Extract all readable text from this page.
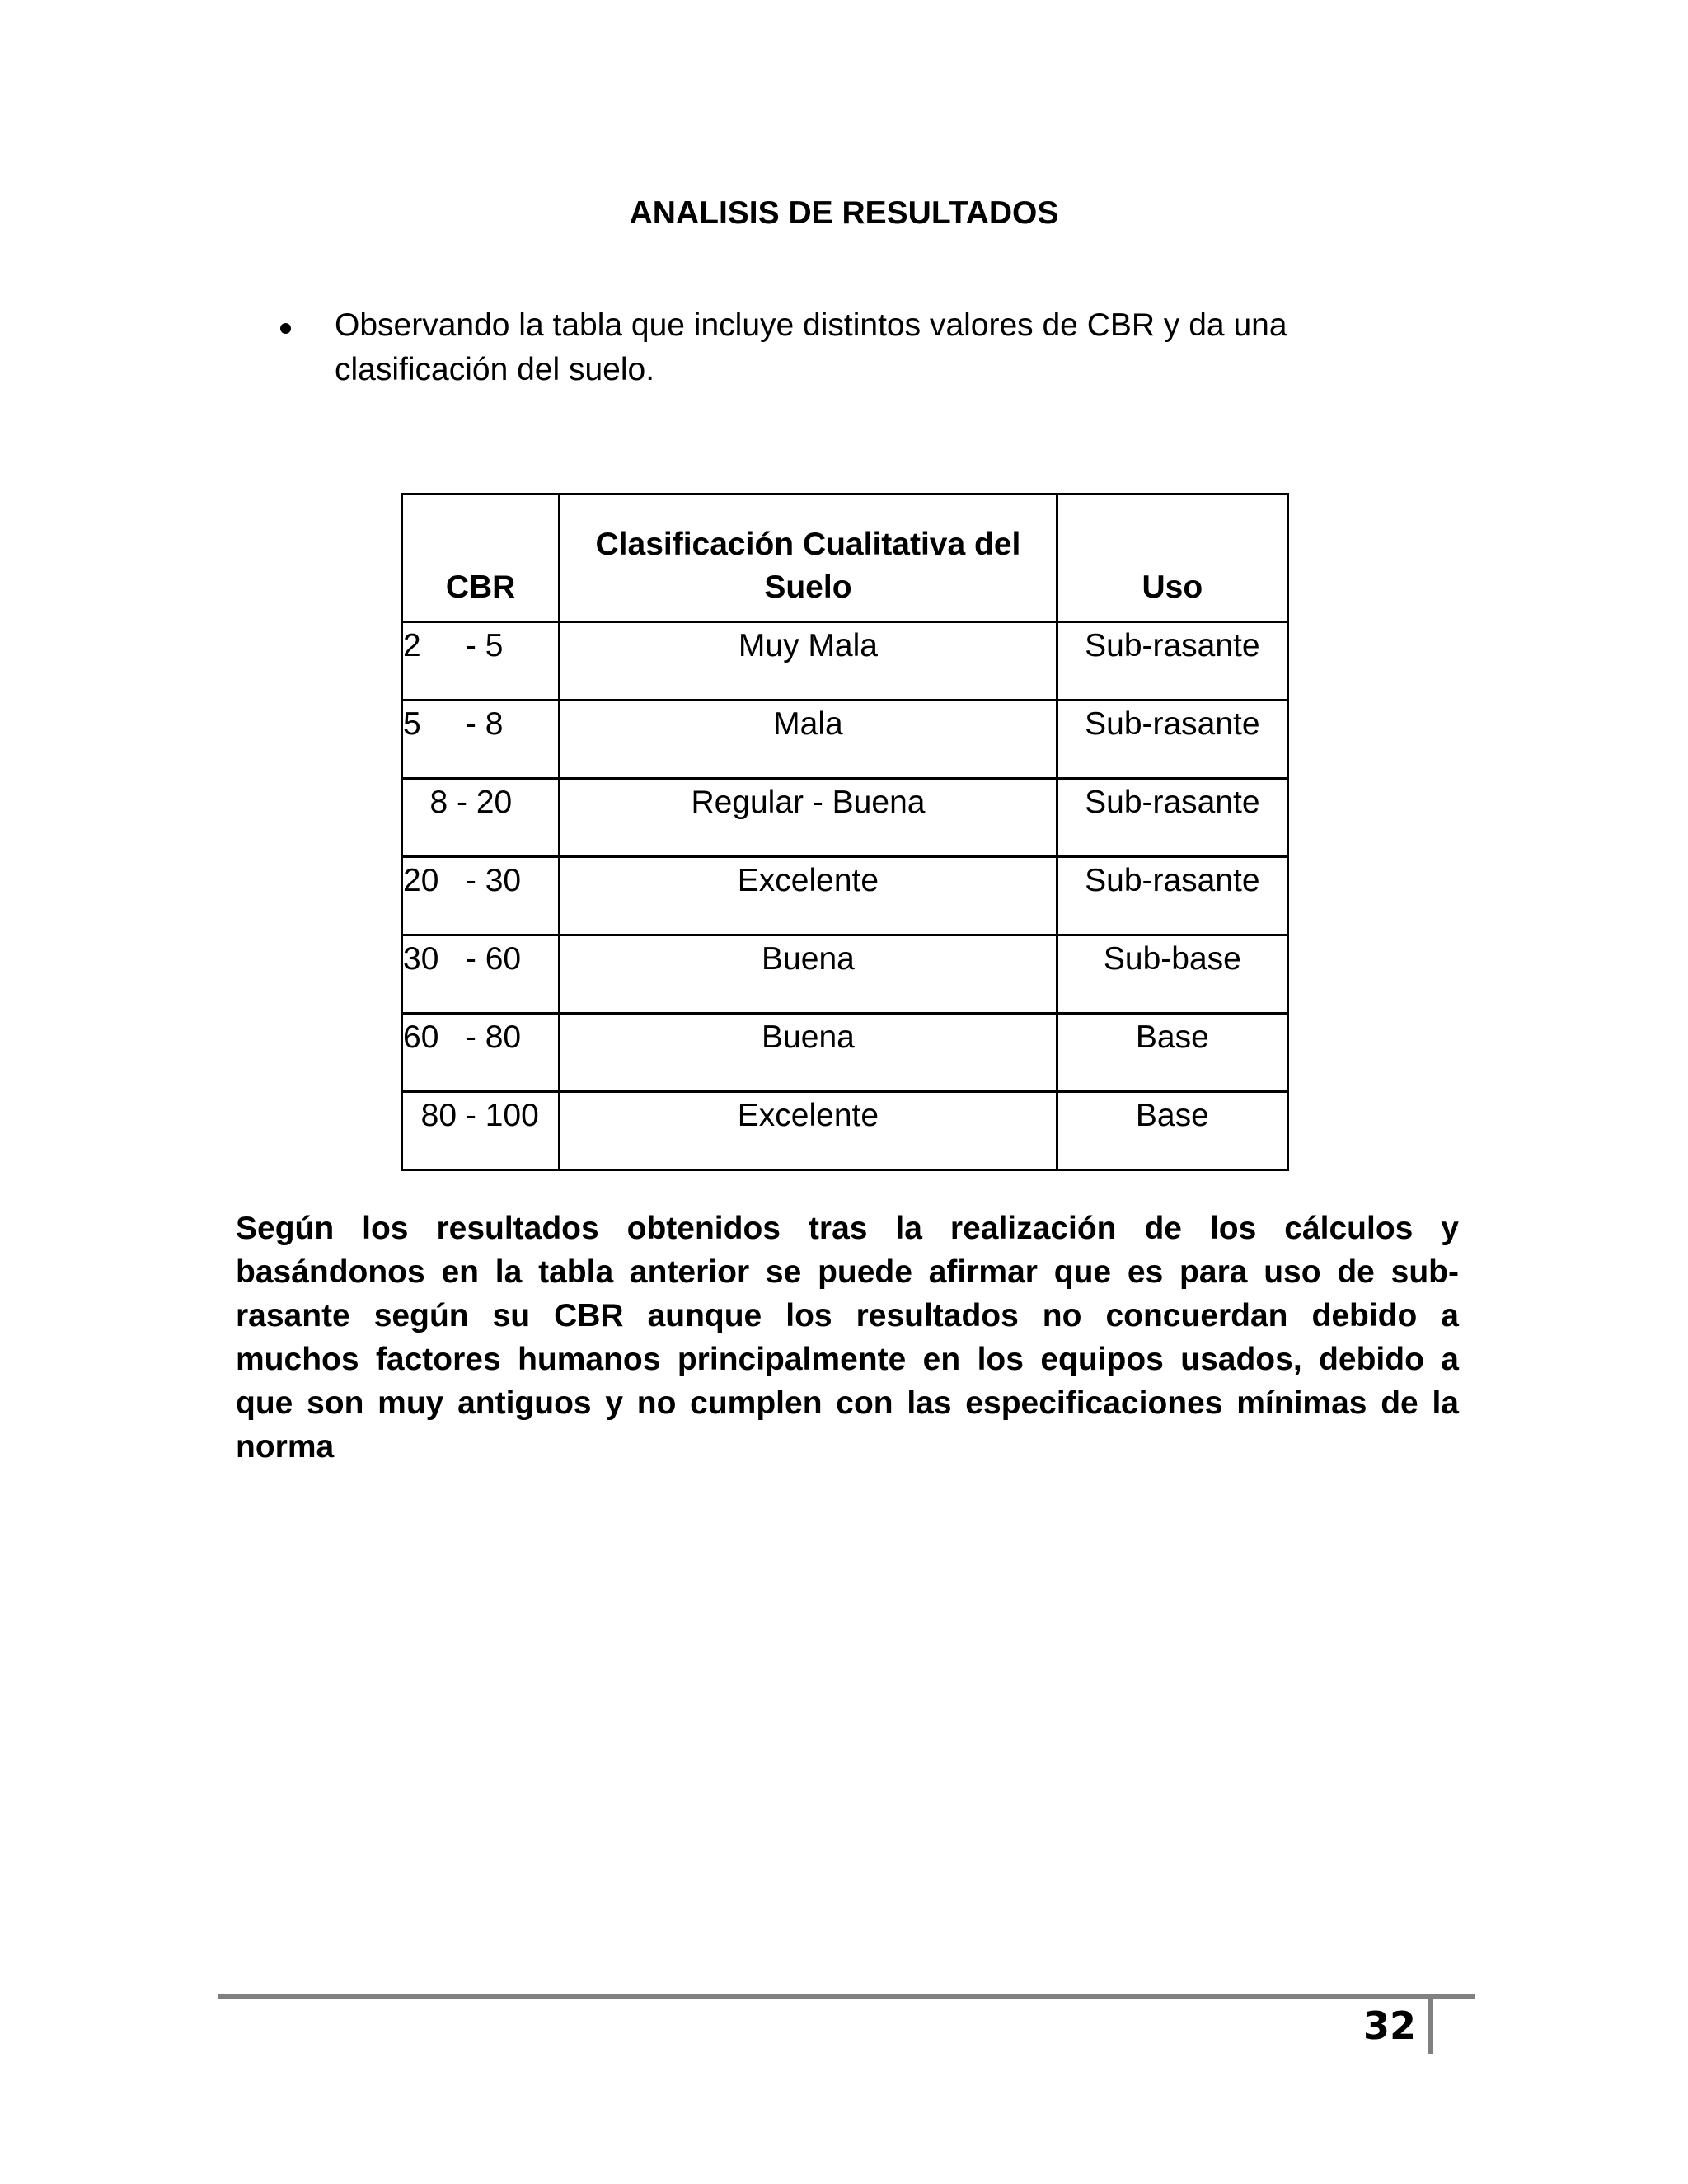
ANALISIS DE RESULTADOS
Observando la tabla que incluye distintos valores de CBR y da una clasificación del suelo.
CBR	Clasificación Cualitativa del Suelo	Uso
2     - 5	Muy Mala	Sub-rasante
5     - 8	Mala	Sub-rasante
8 - 20	Regular - Buena	Sub-rasante
20   - 30	Excelente	Sub-rasante
30   - 60	Buena	Sub-base
60   - 80	Buena	Base
80 - 100	Excelente	Base
Según los resultados obtenidos tras la realización de los cálculos y basándonos en la tabla anterior se puede afirmar que es para uso de sub-rasante según su CBR aunque los resultados no concuerdan debido a muchos factores humanos principalmente en los equipos usados, debido a que son muy antiguos y no cumplen con las especificaciones mínimas de la norma
32
